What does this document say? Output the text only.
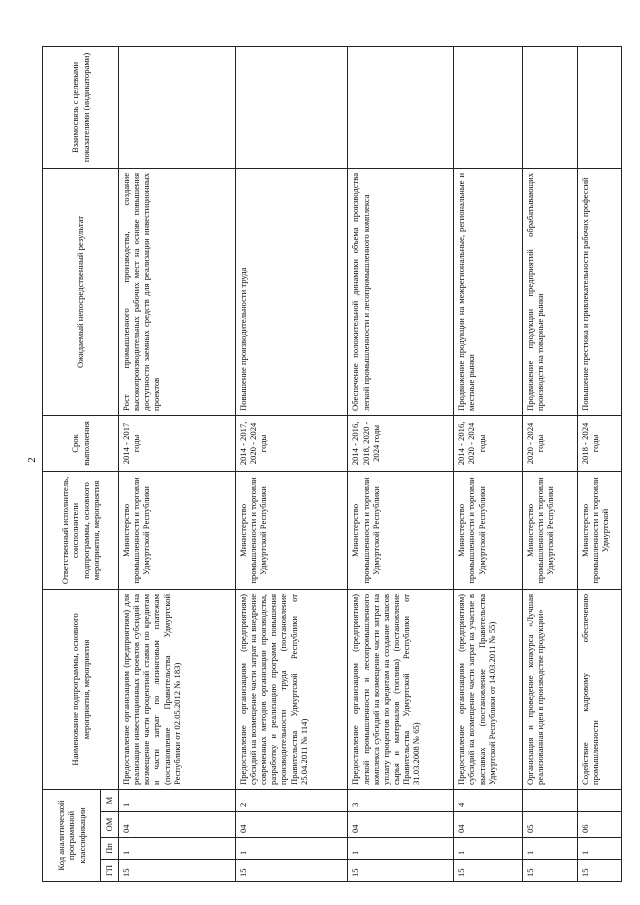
2
Код аналитической программной классификации				Наименование подпрограммы, основного мероприятия, мероприятия	Ответственный исполнитель, соисполнители подпрограммы, основного мероприятия, мероприятия	Срок выполнения	Ожидаемый непосредственный результат	Взаимосвязь с целевыми показателями (индикаторами)
ГП	Пп	ОМ	М					
15	1	04	1	Предоставление организациям (предприятиям) для реализации инвестиционных проектов субсидий на возмещение части процентной ставки по кредитам и части затрат по лизинговым платежам (постановление Правительства Удмуртской Республики от 02.05.2012 № 183)	Министерство промышленности и торговли Удмуртской Республики	2014 - 2017 годы	Рост промышленного производства, создание высокопроизводительных рабочих мест на основе повышения доступности заемных средств для реализации инвестиционных проектов	
15	1	04	2	Предоставление организациям (предприятиям) субсидий на возмещение части затрат на внедрение современных методов организации производства, разработку и реализацию программ повышения производительности труда (постановление Правительства Удмуртской Республики от 25.04.2011 № 114)	Министерство промышленности и торговли Удмуртской Республики	2014 - 2017, 2020 - 2024 годы	Повышение производительности труда	
15	1	04	3	Предоставление организациям (предприятиям) легкой промышленности и лесопромышленного комплекса субсидий на возмещение части затрат на уплату процентов по кредитам на создание запасов сырья и материалов (топлива) (постановление Правительства Удмуртской Республики от 31.03.2008 № 65)	Министерство промышленности и торговли Удмуртской Республики	2014 - 2016, 2018, 2020 - 2024 годы	Обеспечение положительной динамики объема производства легкой промышленности и лесопромышленного комплекса	
15	1	04	4	Предоставление организациям (предприятиям) субсидий на возмещение части затрат на участие в выставках (постановление Правительства Удмуртской Республики от 14.03.2011 № 55)	Министерство промышленности и торговли Удмуртской Республики	2014 - 2016, 2020 - 2024 годы	Продвижение продукции на межрегиональные, региональные и местные рынки	
15	1	05		Организация и проведение конкурса «Лучшая реализованная идея в производстве продукции»	Министерство промышленности и торговли Удмуртской Республики	2020 - 2024 годы	Продвижение продукции предприятий обрабатывающих производств на товарные рынки	
15	1	06		Содействие кадровому обеспечению промышленности	Министерство промышленности и торговли Удмуртской	2018 - 2024 годы	Повышение престижа и привлекательности рабочих профессий	
